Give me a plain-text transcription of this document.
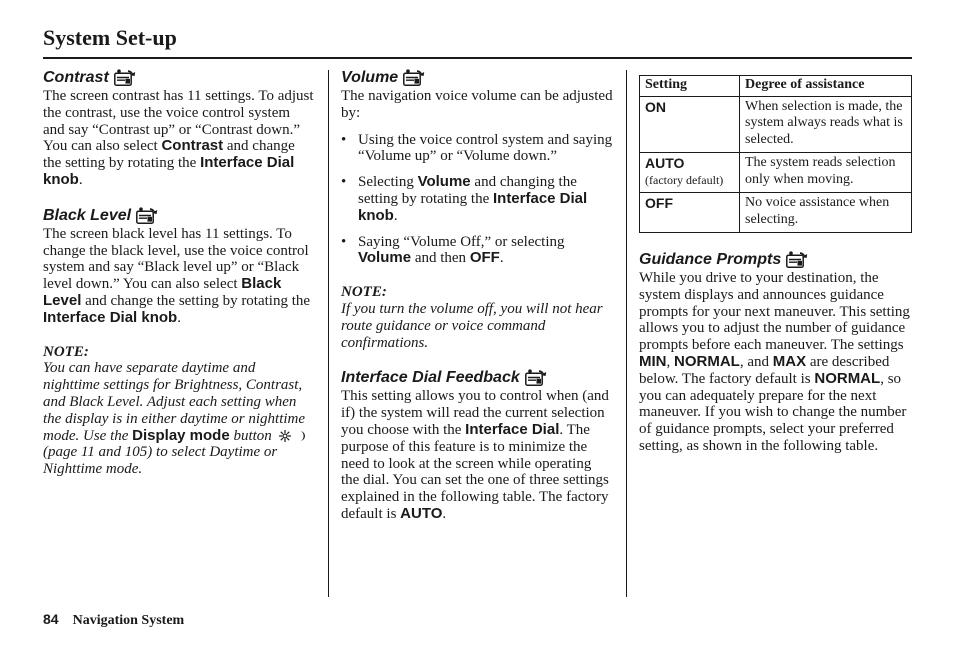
System Set-up
Contrast
The screen contrast has 11 settings. To adjust the contrast, use the voice control system and say “Contrast up” or “Contrast down.” You can also select Contrast and change the setting by rotating the Interface Dial knob.
Black Level
The screen black level has 11 settings. To change the black level, use the voice control system and say “Black level up” or “Black level down.” You can also select Black Level and change the setting by rotating the Interface Dial knob.
NOTE:
You can have separate daytime and nighttime settings for Brightness, Contrast, and Black Level. Adjust each setting when the display is in either daytime or nighttime mode. Use the Display mode button  (page 11 and 105) to select Daytime or Nighttime mode.
Volume
The navigation voice volume can be adjusted by:
• Using the voice control system and saying “Volume up” or “Volume down.”
• Selecting Volume and changing the setting by rotating the Interface Dial knob.
• Saying “Volume Off,” or selecting Volume and then OFF.
NOTE:
If you turn the volume off, you will not hear route guidance or voice command confirmations.
Interface Dial Feedback
This setting allows you to control when (and if) the system will read the current selection you choose with the Interface Dial. The purpose of this feature is to minimize the need to look at the screen while operating the dial. You can set the one of three settings explained in the following table. The factory default is AUTO.
Setting	Degree of assistance

ON	When selection is made, the system always reads what is selected.

AUTO
(factory default)	The system reads selection only when moving.

OFF	No voice assistance when selecting.
Guidance Prompts
While you drive to your destination, the system displays and announces guidance prompts for your next maneuver. This setting allows you to adjust the number of guidance prompts before each maneuver. The settings MIN, NORMAL, and MAX are described below. The factory default is NORMAL, so you can adequately prepare for the next maneuver. If you wish to change the number of guidance prompts, select your preferred setting, as shown in the following table.
84 Navigation System
